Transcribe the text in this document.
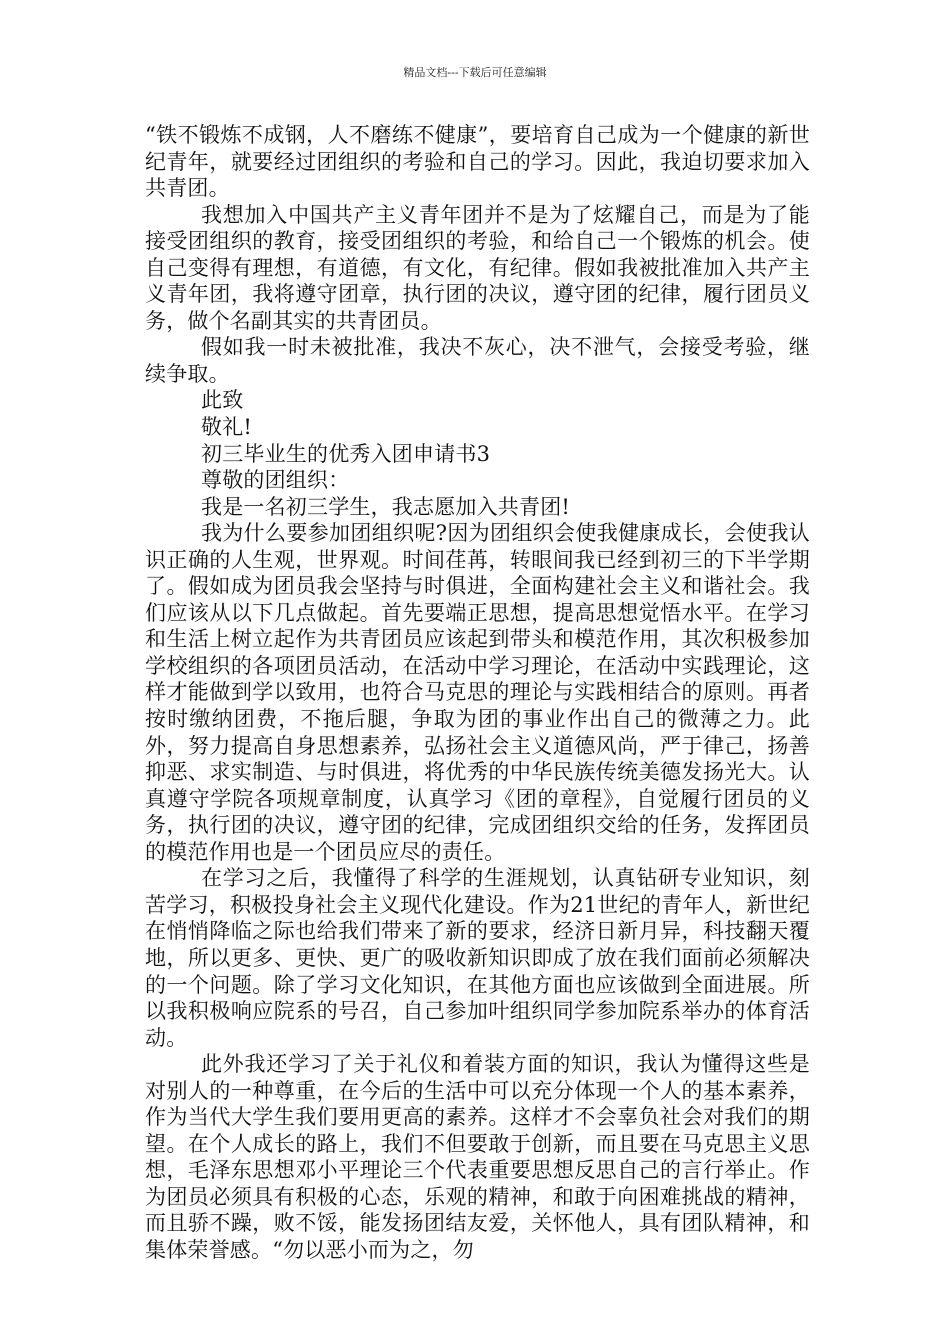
精品文档---下载后可任意编辑

“铁不锻炼不成钢，人不磨练不健康”，要培育自己成为一个健康的新世纪青年，就要经过团组织的考验和自己的学习。因此，我迫切要求加入共青团。

我想加入中国共产主义青年团并不是为了炫耀自己，而是为了能接受团组织的教育，接受团组织的考验，和给自己一个锻炼的机会。使自己变得有理想，有道德，有文化，有纪律。假如我被批准加入共产主义青年团，我将遵守团章，执行团的决议，遵守团的纪律，履行团员义务，做个名副其实的共青团员。

假如我一时未被批准，我决不灰心，决不泄气，会接受考验，继续争取。

此致

敬礼!

初三毕业生的优秀入团申请书3

尊敬的团组织：

我是一名初三学生，我志愿加入共青团!

我为什么要参加团组织呢?因为团组织会使我健康成长，会使我认识正确的人生观，世界观。时间荏苒，转眼间我已经到初三的下半学期了。假如成为团员我会坚持与时俱进，全面构建社会主义和谐社会。我们应该从以下几点做起。首先要端正思想，提高思想觉悟水平。在学习和生活上树立起作为共青团员应该起到带头和模范作用，其次积极参加学校组织的各项团员活动，在活动中学习理论，在活动中实践理论，这样才能做到学以致用，也符合马克思的理论与实践相结合的原则。再者按时缴纳团费，不拖后腿，争取为团的事业作出自己的微薄之力。此外，努力提高自身思想素养，弘扬社会主义道德风尚，严于律己，扬善抑恶、求实制造、与时俱进，将优秀的中华民族传统美德发扬光大。认真遵守学院各项规章制度，认真学习《团的章程》，自觉履行团员的义务，执行团的决议，遵守团的纪律，完成团组织交给的任务，发挥团员的模范作用也是一个团员应尽的责任。

在学习之后，我懂得了科学的生涯规划，认真钻研专业知识，刻苦学习，积极投身社会主义现代化建设。作为21世纪的青年人，新世纪在悄悄降临之际也给我们带来了新的要求，经济日新月异，科技翻天覆地，所以更多、更快、更广的吸收新知识即成了放在我们面前必须解决的一个问题。除了学习文化知识，在其他方面也应该做到全面进展。所以我积极响应院系的号召，自己参加叶组织同学参加院系举办的体育活动。

此外我还学习了关于礼仪和着装方面的知识，我认为懂得这些是对别人的一种尊重，在今后的生活中可以充分体现一个人的基本素养，作为当代大学生我们要用更高的素养。这样才不会辜负社会对我们的期望。在个人成长的路上，我们不但要敢于创新，而且要在马克思主义思想，毛泽东思想邓小平理论三个代表重要思想反思自己的言行举止。作为团员必须具有积极的心态，乐观的精神，和敢于向困难挑战的精神，而且骄不躁，败不馁，能发扬团结友爱，关怀他人，具有团队精神，和集体荣誉感。“勿以恶小而为之，勿
